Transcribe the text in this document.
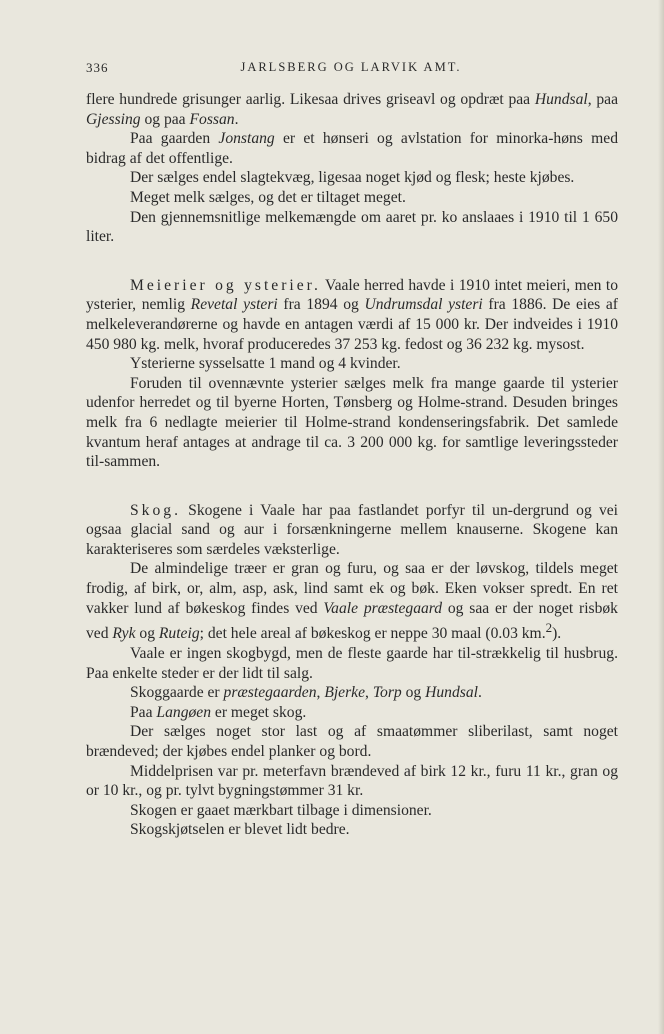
336	JARLSBERG OG LARVIK AMT.

flere hundrede grisunger aarlig. Likesaa drives griseavl og opdræt paa Hundsal, paa Gjessing og paa Fossan.

Paa gaarden Jonstang er et hønseri og avlstation for minorka-høns med bidrag af det offentlige.

Der sælges endel slagtekvæg, ligesaa noget kjød og flesk; heste kjøbes.

Meget melk sælges, og det er tiltaget meget.

Den gjennemsnitlige melkemængde om aaret pr. ko anslaaes i 1910 til 1 650 liter.

Meierier og ysterier. Vaale herred havde i 1910 intet meieri, men to ysterier, nemlig Revetal ysteri fra 1894 og Undrumsdal ysteri fra 1886. De eies af melkeleverandørerne og havde en antagen værdi af 15 000 kr. Der indveides i 1910 450 980 kg. melk, hvoraf produceredes 37 253 kg. fedost og 36 232 kg. mysost.

Ysterierne sysselsatte 1 mand og 4 kvinder.

Foruden til ovennævnte ysterier sælges melk fra mange gaarde til ysterier udenfor herredet og til byerne Horten, Tønsberg og Holme-strand. Desuden bringes melk fra 6 nedlagte meierier til Holme-strand kondenseringsfabrik. Det samlede kvantum heraf antages at andrage til ca. 3 200 000 kg. for samtlige leveringssteder til-sammen.

Skog. Skogene i Vaale har paa fastlandet porfyr til un-dergrund og vei ogsaa glacial sand og aur i forsænkningerne mellem knauserne. Skogene kan karakteriseres som særdeles væksterlige.

De almindelige træer er gran og furu, og saa er der løvskog, tildels meget frodig, af birk, or, alm, asp, ask, lind samt ek og bøk. Eken vokser spredt. En ret vakker lund af bøkeskog findes ved Vaale præstegaard og saa er der noget risbøk ved Ryk og Ruteig; det hele areal af bøkeskog er neppe 30 maal (0.03 km.$^2$).

Vaale er ingen skogbygd, men de fleste gaarde har til-strækkelig til husbrug. Paa enkelte steder er der lidt til salg.

Skoggaarde er præstegaarden, Bjerke, Torp og Hundsal.

Paa Langøen er meget skog.

Der sælges noget stor last og af smaatømmer sliberilast, samt noget brændeved; der kjøbes endel planker og bord.

Middelprisen var pr. meterfavn brændeved af birk 12 kr., furu 11 kr., gran og or 10 kr., og pr. tylvt bygningstømmer 31 kr.

Skogen er gaaet mærkbart tilbage i dimensioner.

Skogskjøtselen er blevet lidt bedre.
